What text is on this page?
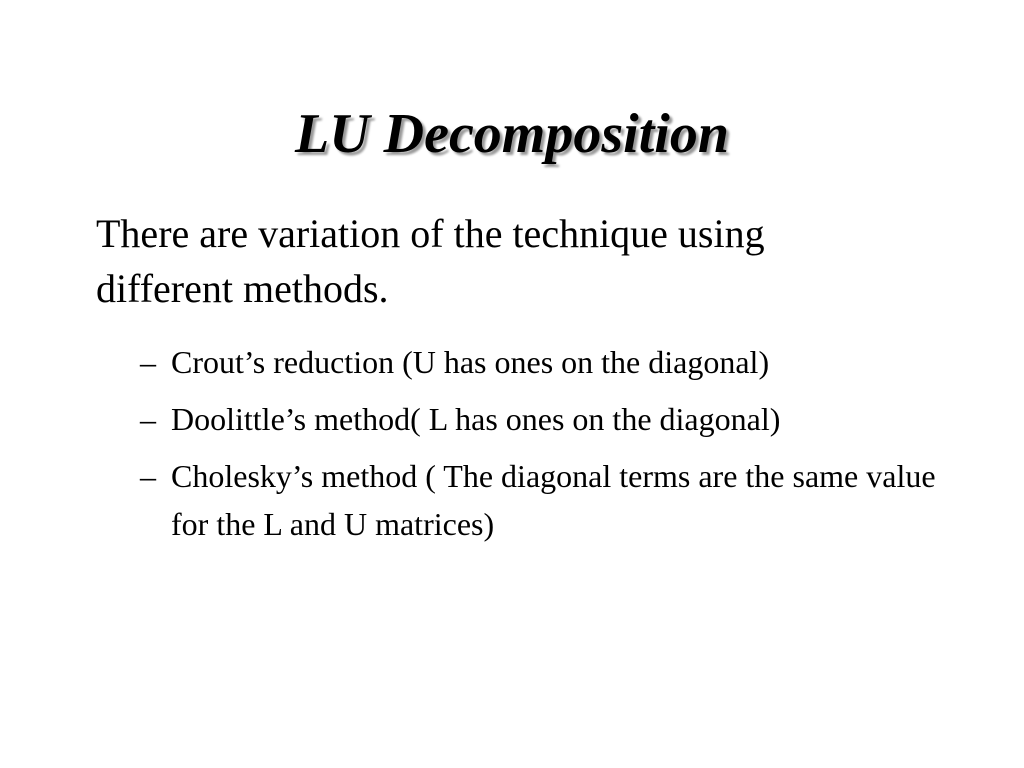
LU Decomposition

There are variation of the technique using different methods.

– Crout’s reduction (U has ones on the diagonal)
– Doolittle’s method( L has ones on the diagonal)
– Cholesky’s method ( The diagonal terms are the same value for the L and U matrices)
